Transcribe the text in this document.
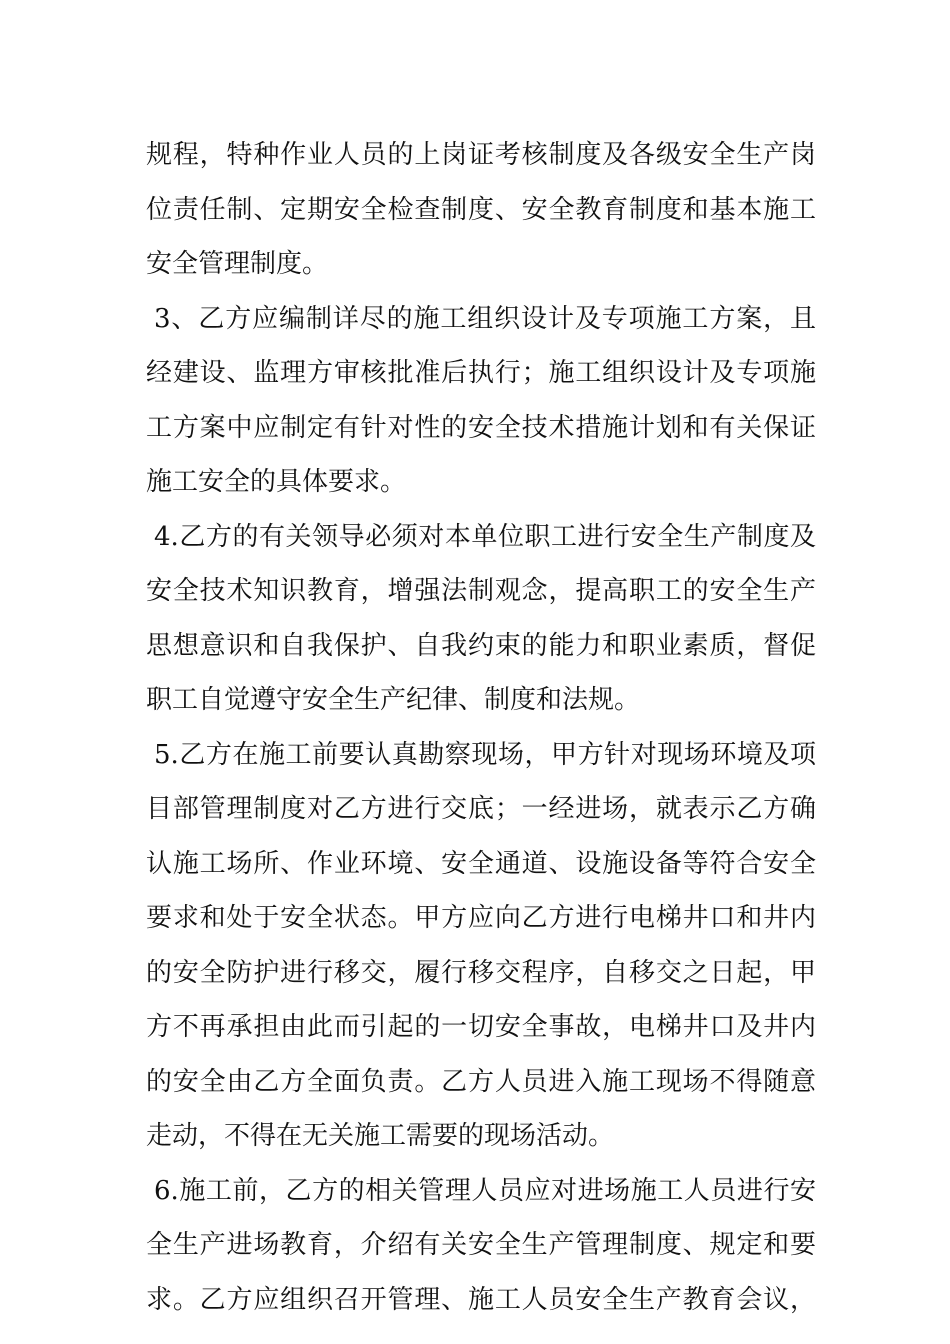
规程，特种作业人员的上岗证考核制度及各级安全生产岗
位责任制、定期安全检查制度、安全教育制度和基本施工
安全管理制度。
3、乙方应编制详尽的施工组织设计及专项施工方案，且
经建设、监理方审核批准后执行；施工组织设计及专项施
工方案中应制定有针对性的安全技术措施计划和有关保证
施工安全的具体要求。
4.乙方的有关领导必须对本单位职工进行安全生产制度及
安全技术知识教育，增强法制观念，提高职工的安全生产
思想意识和自我保护、自我约束的能力和职业素质，督促
职工自觉遵守安全生产纪律、制度和法规。
5.乙方在施工前要认真勘察现场，甲方针对现场环境及项
目部管理制度对乙方进行交底；一经进场，就表示乙方确
认施工场所、作业环境、安全通道、设施设备等符合安全
要求和处于安全状态。甲方应向乙方进行电梯井口和井内
的安全防护进行移交，履行移交程序，自移交之日起，甲
方不再承担由此而引起的一切安全事故，电梯井口及井内
的安全由乙方全面负责。乙方人员进入施工现场不得随意
走动，不得在无关施工需要的现场活动。
6.施工前，乙方的相关管理人员应对进场施工人员进行安
全生产进场教育，介绍有关安全生产管理制度、规定和要
求。乙方应组织召开管理、施工人员安全生产教育会议，
